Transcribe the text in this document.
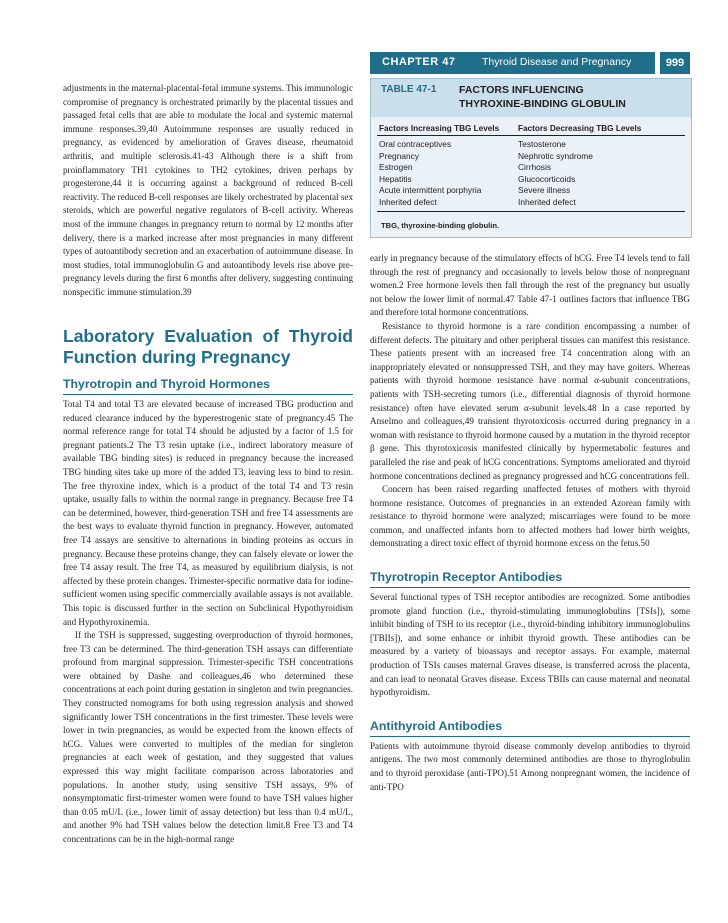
CHAPTER 47	Thyroid Disease and Pregnancy	999
TABLE 47-1 FACTORS INFLUENCING
THYROXINE-BINDING GLOBULIN
Factors Increasing TBG Levels Factors Decreasing TBG Levels
Oral contraceptives
Pregnancy
Estrogen
Hepatitis
Acute intermittent porphyria
Inherited defect
Testosterone
Nephrotic syndrome
Cirrhosis
Glucocorticoids
Severe illness
Inherited defect
TBG, thyroxine-binding globulin.

adjustments in the maternal-placental-fetal immune systems. This immunologic compromise of pregnancy is orchestrated primarily by the placental tissues and passaged fetal cells that are able to modulate the local and systemic maternal immune responses.39,40 Autoimmune responses are usually reduced in pregnancy, as evidenced by amelioration of Graves disease, rheumatoid arthritis, and multiple sclerosis.41-43 Although there is a shift from proinflammatory TH1 cytokines to TH2 cytokines, driven perhaps by progesterone,44 it is occurring against a background of reduced B-cell reactivity. The reduced B-cell responses are likely orchestrated by placental sex steroids, which are powerful negative regulators of B-cell activity. Whereas most of the immune changes in pregnancy return to normal by 12 months after delivery, there is a marked increase after most pregnancies in many different types of autoantibody secretion and an exacerbation of autoimmune disease. In most studies, total immunoglobulin G and autoantibody levels rise above pre-pregnancy levels during the first 6 months after delivery, suggesting continuing nonspecific immune stimulation.39

Laboratory Evaluation of Thyroid Function during Pregnancy
Thyrotropin and Thyroid Hormones

Total T4 and total T3 are elevated because of increased TBG production and reduced clearance induced by the hyperestrogenic state of pregnancy.45 The normal reference range for total T4 should be adjusted by a factor of 1.5 for pregnant patients.2 The T3 resin uptake (i.e., indirect laboratory measure of available TBG binding sites) is reduced in pregnancy because the increased TBG binding sites take up more of the added T3, leaving less to bind to resin. The free thyroxine index, which is a product of the total T4 and T3 resin uptake, usually falls to within the normal range in pregnancy. Because free T4 can be determined, however, third-generation TSH and free T4 assessments are the best ways to evaluate thyroid function in pregnancy. However, automated free T4 assays are sensitive to alternations in binding proteins as occurs in pregnancy. Because these proteins change, they can falsely elevate or lower the free T4 assay result. The free T4, as measured by equilibrium dialysis, is not affected by these protein changes. Trimester-specific normative data for iodine-sufficient women using specific commercially available assays is not available. This topic is discussed further in the section on Subclinical Hypothyroidism and Hypothyroxinemia.

If the TSH is suppressed, suggesting overproduction of thyroid hormones, free T3 can be determined. The third-generation TSH assays can differentiate profound from marginal suppression. Trimester-specific TSH concentrations were obtained by Dashe and colleagues,46 who determined these concentrations at each point during gestation in singleton and twin pregnancies. They constructed nomograms for both using regression analysis and showed significantly lower TSH concentrations in the first trimester. These levels were lower in twin pregnancies, as would be expected from the known effects of hCG. Values were converted to multiples of the median for singleton pregnancies at each week of gestation, and they suggested that values expressed this way might facilitate comparison across laboratories and populations. In another study, using sensitive TSH assays, 9% of nonsymptomatic first-trimester women were found to have TSH values higher than 0.05 mU/L (i.e., lower limit of assay detection) but less than 0.4 mU/L, and another 9% had TSH values below the detection limit.8 Free T3 and T4 concentrations can be in the high-normal range

early in pregnancy because of the stimulatory effects of hCG. Free T4 levels tend to fall through the rest of pregnancy and occasionally to levels below those of nonpregnant women.2 Free hormone levels then fall through the rest of the pregnancy but usually not below the lower limit of normal.47 Table 47-1 outlines factors that influence TBG and therefore total hormone concentrations.

Resistance to thyroid hormone is a rare condition encompassing a number of different defects. The pituitary and other peripheral tissues can manifest this resistance. These patients present with an increased free T4 concentration along with an inappropriately elevated or nonsuppressed TSH, and they may have goiters. Whereas patients with thyroid hormone resistance have normal α-subunit concentrations, patients with TSH-secreting tumors (i.e., differential diagnosis of thyroid hormone resistance) often have elevated serum α-subunit levels.48 In a case reported by Anselmo and colleagues,49 transient thyrotoxicosis occurred during pregnancy in a woman with resistance to thyroid hormone caused by a mutation in the thyroid receptor β gene. This thyrotoxicosis manifested clinically by hypermetabolic features and paralleled the rise and peak of hCG concentrations. Symptoms ameliorated and thyroid hormone concentrations declined as pregnancy progressed and hCG concentrations fell.

Concern has been raised regarding unaffected fetuses of mothers with thyroid hormone resistance. Outcomes of pregnancies in an extended Azorean family with resistance to thyroid hormone were analyzed; miscarriages were found to be more common, and unaffected infants born to affected mothers had lower birth weights, demonstrating a direct toxic effect of thyroid hormone excess on the fetus.50

Thyrotropin Receptor Antibodies

Several functional types of TSH receptor antibodies are recognized. Some antibodies promote gland function (i.e., thyroid-stimulating immunoglobulins [TSIs]), some inhibit binding of TSH to its receptor (i.e., thyroid-binding inhibitory immunoglobulins [TBIIs]), and some enhance or inhibit thyroid growth. These antibodies can be measured by a variety of bioassays and receptor assays. For example, maternal production of TSIs causes maternal Graves disease, is transferred across the placenta, and can lead to neonatal Graves disease. Excess TBIIs can cause maternal and neonatal hypothyroidism.

Antithyroid Antibodies

Patients with autoimmune thyroid disease commonly develop antibodies to thyroid antigens. The two most commonly determined antibodies are those to thyroglobulin and to thyroid peroxidase (anti-TPO).51 Among nonpregnant women, the incidence of anti-TPO
